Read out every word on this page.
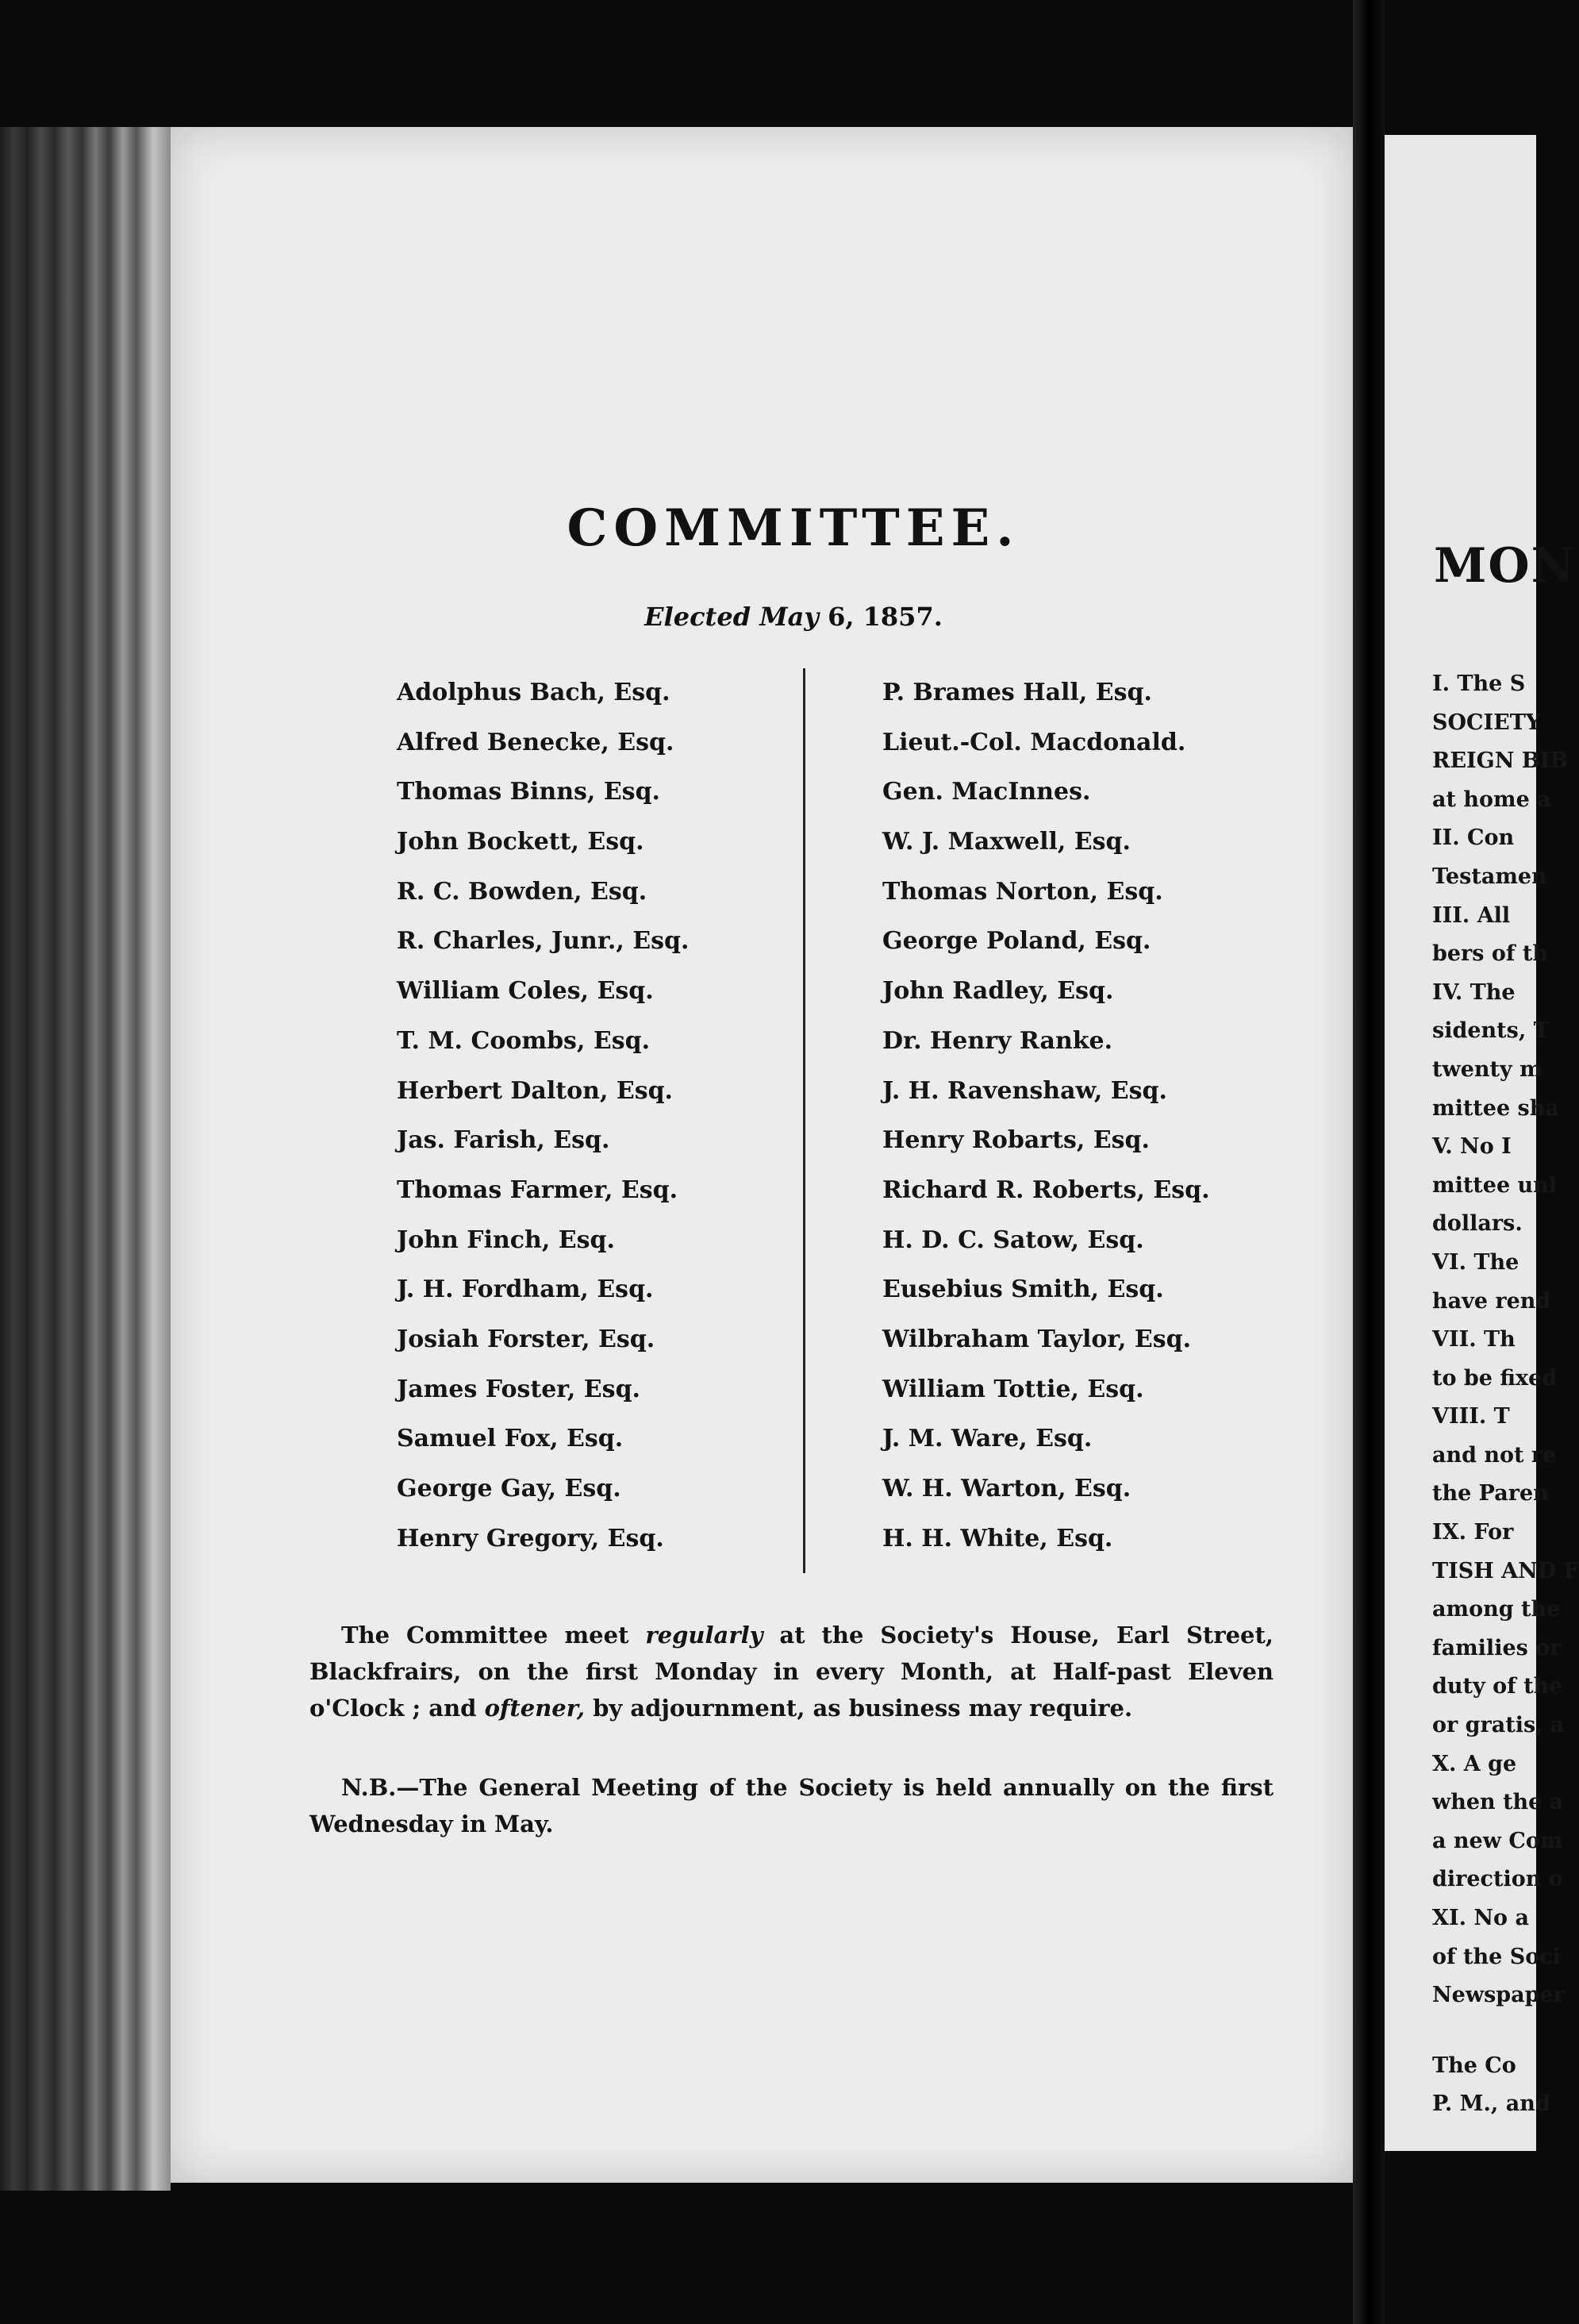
COMMITTEE.
Elected May 6, 1857.
Adolphus Bach, Esq.
Alfred Benecke, Esq.
Thomas Binns, Esq.
John Bockett, Esq.
R. C. Bowden, Esq.
R. Charles, Junr., Esq.
William Coles, Esq.
T. M. Coombs, Esq.
Herbert Dalton, Esq.
Jas. Farish, Esq.
Thomas Farmer, Esq.
John Finch, Esq.
J. H. Fordham, Esq.
Josiah Forster, Esq.
James Foster, Esq.
Samuel Fox, Esq.
George Gay, Esq.
Henry Gregory, Esq.
P. Brames Hall, Esq.
Lieut.-Col. Macdonald.
Gen. MacInnes.
W. J. Maxwell, Esq.
Thomas Norton, Esq.
George Poland, Esq.
John Radley, Esq.
Dr. Henry Ranke.
J. H. Ravenshaw, Esq.
Henry Robarts, Esq.
Richard R. Roberts, Esq.
H. D. C. Satow, Esq.
Eusebius Smith, Esq.
Wilbraham Taylor, Esq.
William Tottie, Esq.
J. M. Ware, Esq.
W. H. Warton, Esq.
H. H. White, Esq.

The Committee meet regularly at the Society's House, Earl Street, Blackfrairs, on the first Monday in every Month, at Half-past Eleven o'Clock ; and oftener, by adjournment, as business may require.

N.B.—The General Meeting of the Society is held annually on the first Wednesday in May.

MON
I. The S
SOCIETY
REIGN BIB
at home a
II. Con
Testamen
III. All
bers of th
IV. The
sidents, T
twenty m
mittee sha
V. No I
mittee unl
dollars.
VI. The
have rend
VII. Th
to be fixed
VIII. T
and not re
the Paren
IX. For
TISH AND F
among the
families or
duty of the
or gratis, a
X. A ge
when the a
a new Com
direction o
XI. No a
of the Soci
Newspaper
The Co
P. M., and
